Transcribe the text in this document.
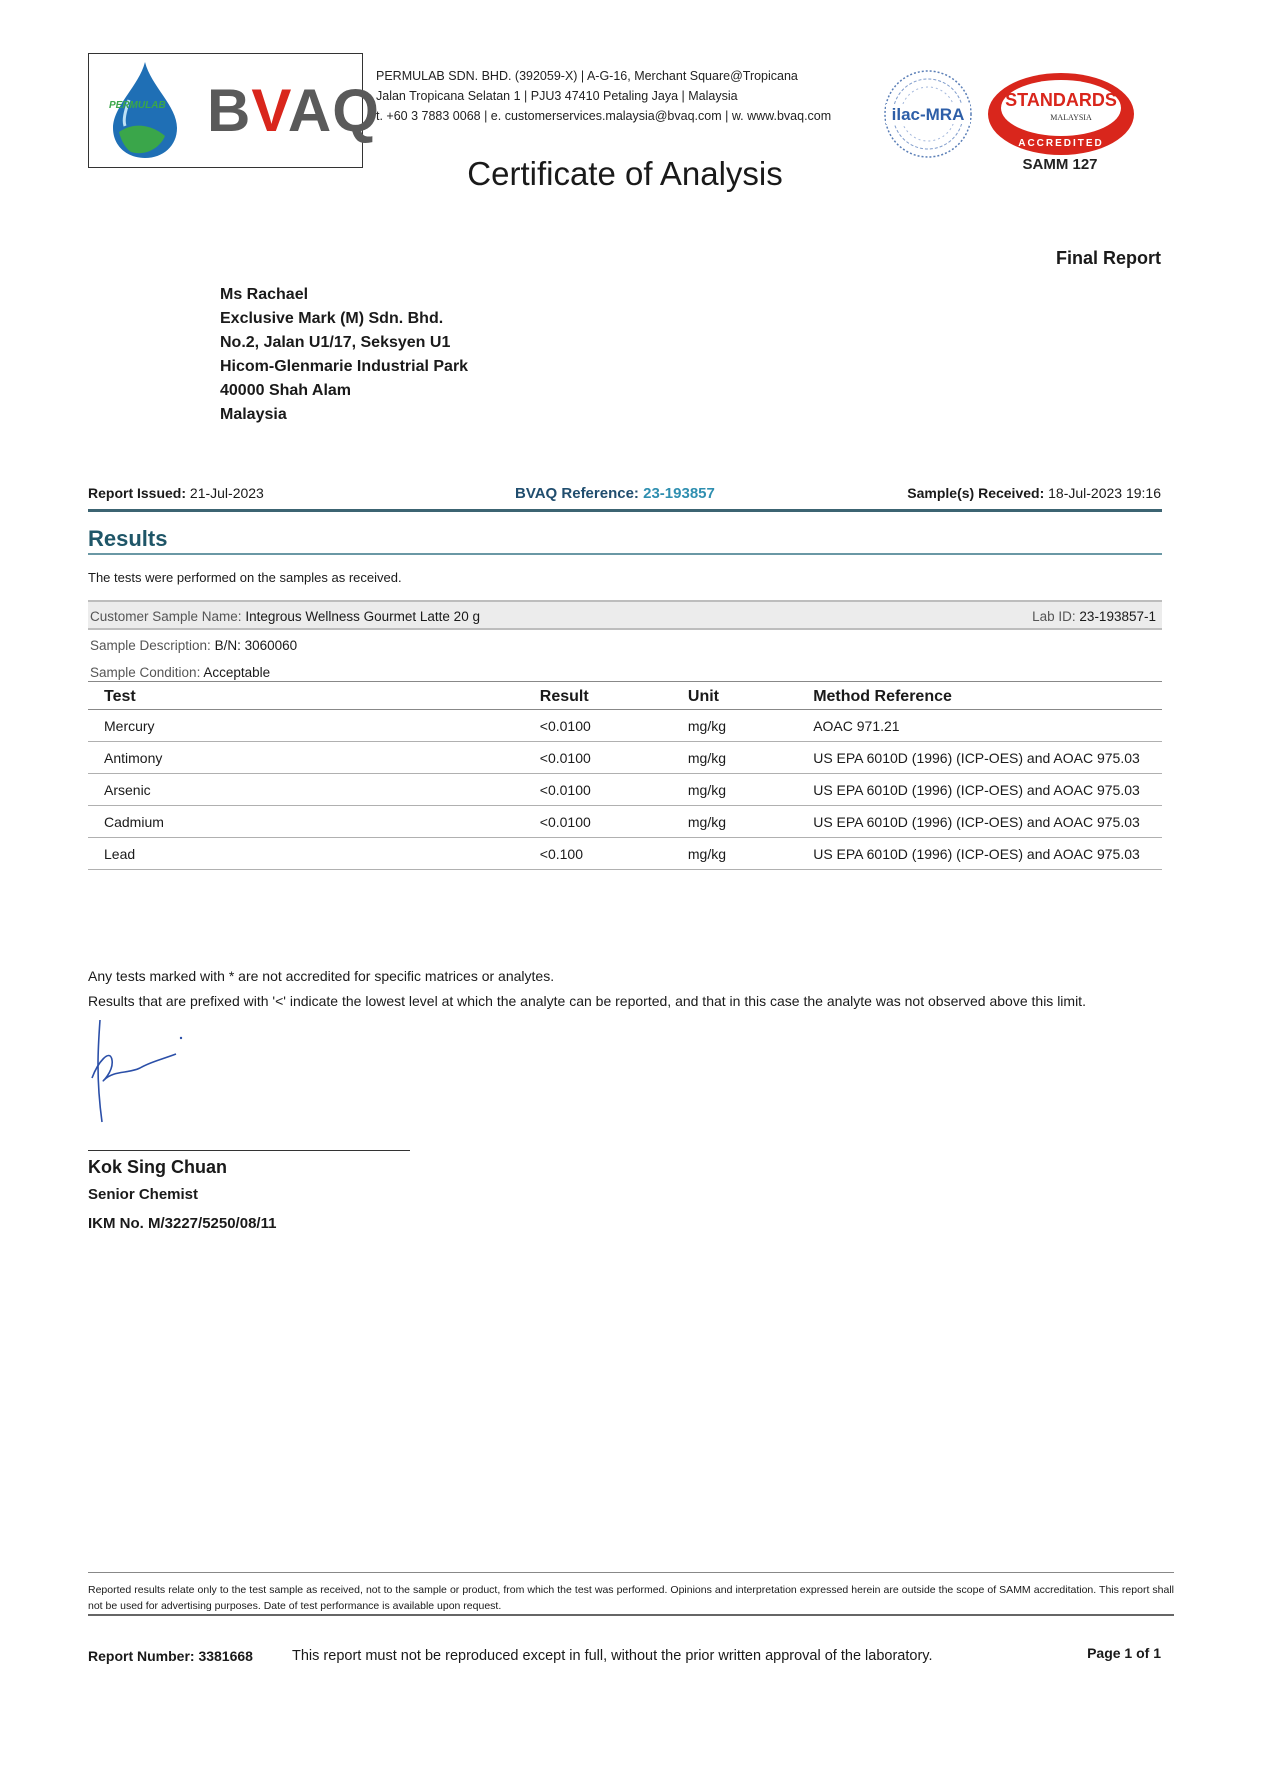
PERMULAB BVAQ
PERMULAB SDN. BHD. (392059-X) | A-G-16, Merchant Square@Tropicana
Jalan Tropicana Selatan 1 | PJU3 47410 Petaling Jaya | Malaysia
t. +60 3 7883 0068 | e. customerservices.malaysia@bvaq.com | w. www.bvaq.com	ilac-MRA
STANDARDS
MALAYSIA
ACCREDITED
SAMM 127
Certificate of Analysis
Final Report
Ms Rachael
Exclusive Mark (M) Sdn. Bhd.
No.2, Jalan U1/17, Seksyen U1
Hicom-Glenmarie Industrial Park
40000 Shah Alam
Malaysia
Report Issued: 21-Jul-2023	BVAQ Reference: 23-193857	Sample(s) Received: 18-Jul-2023 19:16
Results
The tests were performed on the samples as received.
Customer Sample Name: Integrous Wellness Gourmet Latte 20 g	Lab ID: 23-193857-1
Sample Description: B/N: 3060060
Sample Condition: Acceptable
Test	Result	Unit	Method Reference
Mercury	<0.0100	mg/kg	AOAC 971.21
Antimony	<0.0100	mg/kg	US EPA 6010D (1996) (ICP-OES) and AOAC 975.03
Arsenic	<0.0100	mg/kg	US EPA 6010D (1996) (ICP-OES) and AOAC 975.03
Cadmium	<0.0100	mg/kg	US EPA 6010D (1996) (ICP-OES) and AOAC 975.03
Lead	<0.100	mg/kg	US EPA 6010D (1996) (ICP-OES) and AOAC 975.03
Any tests marked with * are not accredited for specific matrices or analytes.
Results that are prefixed with '<' indicate the lowest level at which the analyte can be reported, and that in this case the analyte was not observed above this limit.
Kok Sing Chuan
Senior Chemist
IKM No. M/3227/5250/08/11
Reported results relate only to the test sample as received, not to the sample or product, from which the test was performed. Opinions and interpretation expressed herein are outside the scope of SAMM accreditation. This report shall not be used for advertising purposes. Date of test performance is available upon request.
Report Number: 3381668	This report must not be reproduced except in full, without the prior written approval of the laboratory.	Page 1 of 1
